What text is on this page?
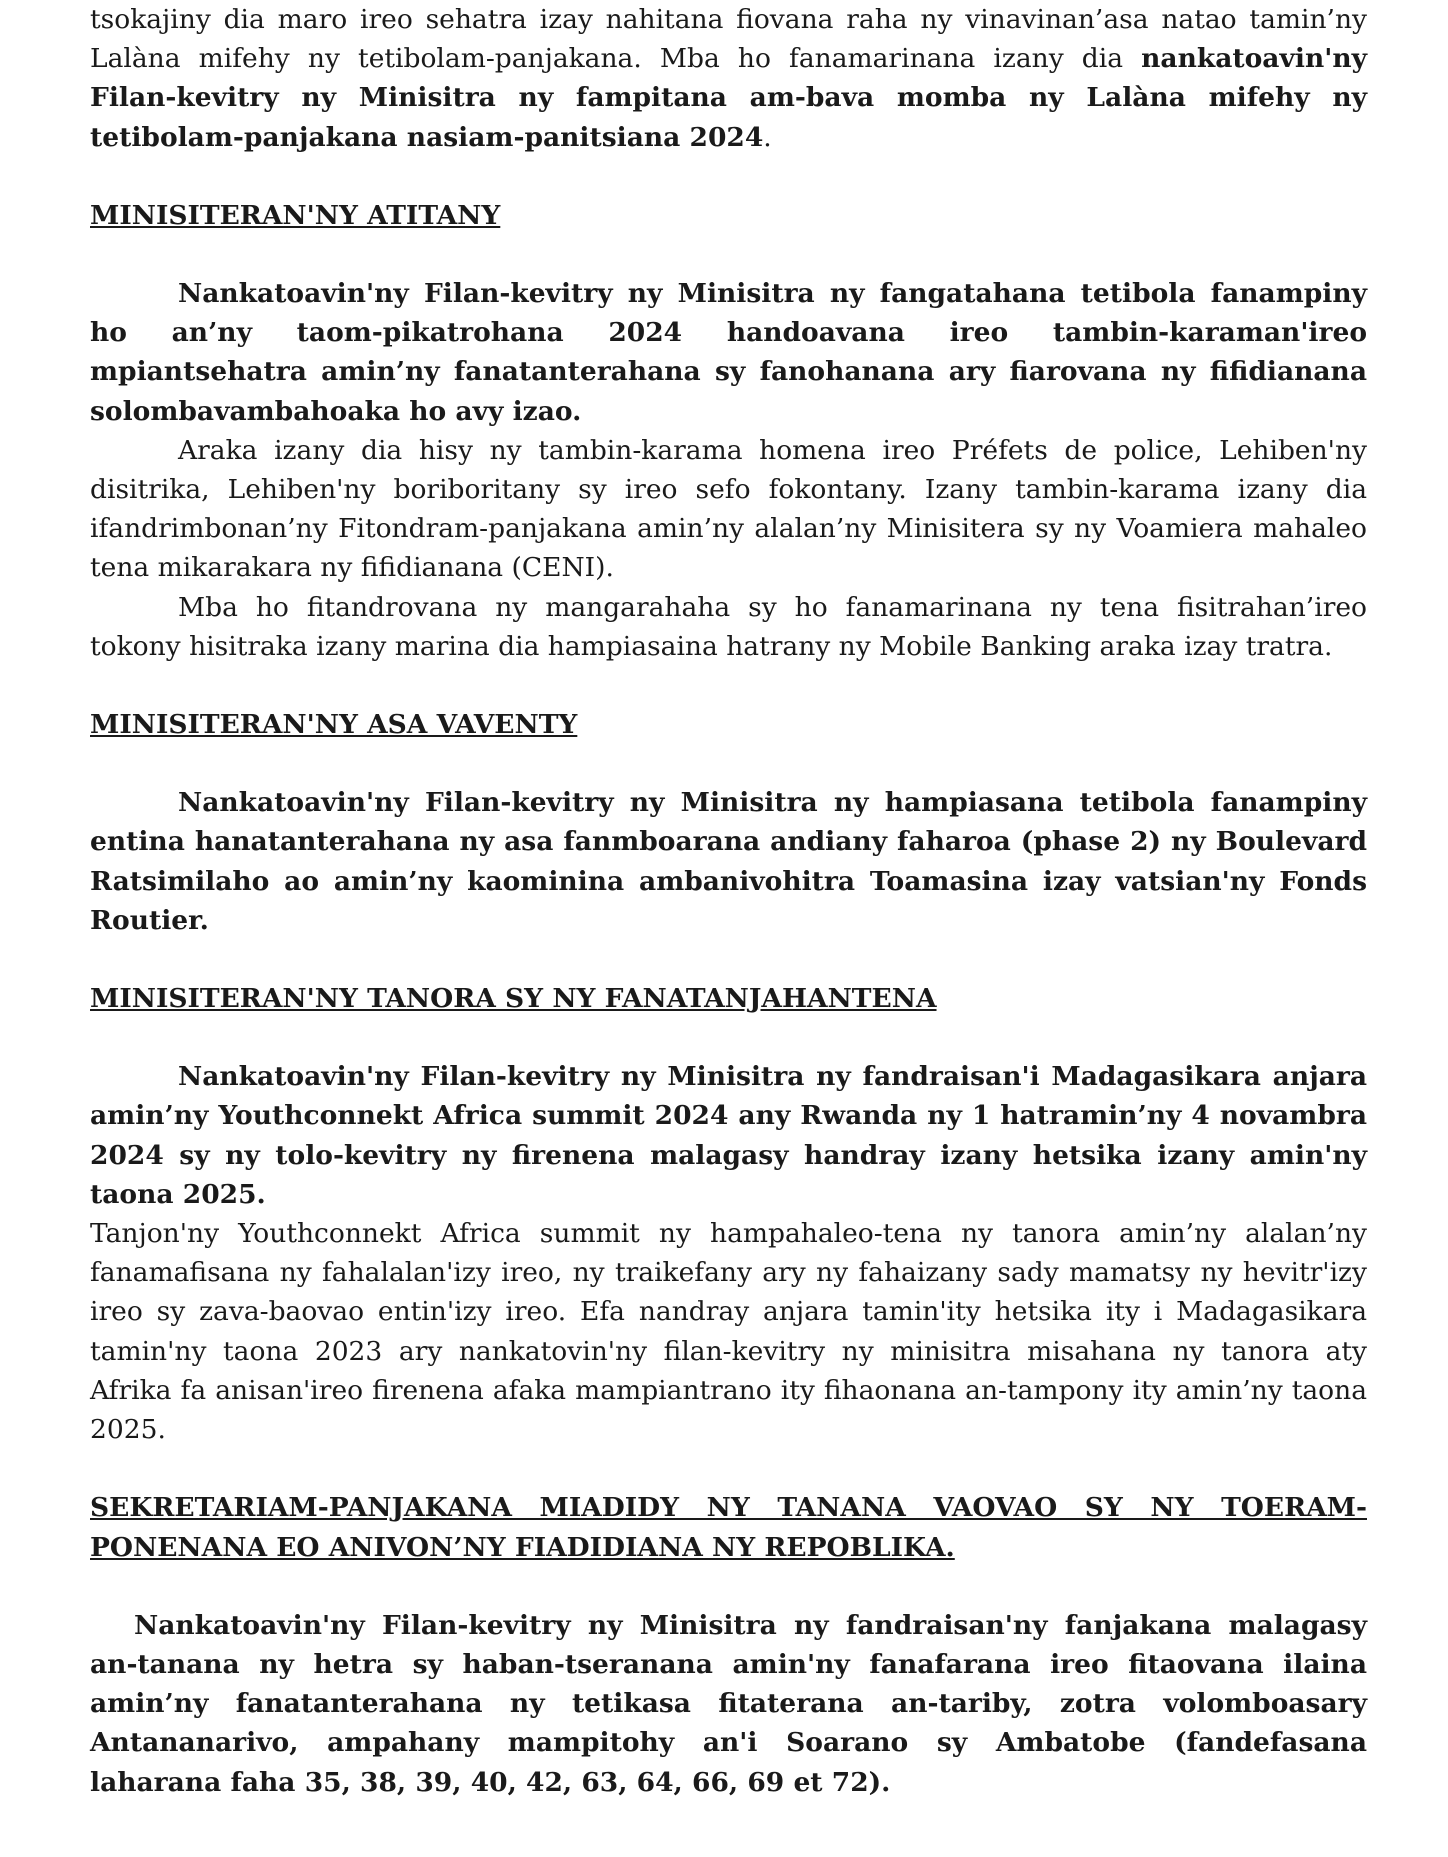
tsokajiny dia maro ireo sehatra izay nahitana fiovana raha ny vinavinan’asa natao tamin’ny Lalàna mifehy ny tetibolam-panjakana. Mba ho fanamarinana izany dia nankatoavin'ny Filan-kevitry ny Minisitra ny fampitana am-bava momba ny Lalàna mifehy ny tetibolam-panjakana nasiam-panitsiana 2024.

MINISITERAN'NY ATITANY

Nankatoavin'ny Filan-kevitry ny Minisitra ny fangatahana tetibola fanampiny ho an’ny taom-pikatrohana 2024 handoavana ireo tambin-karaman'ireo mpiantsehatra amin’ny fanatanterahana sy fanohanana ary fiarovana ny fifidianana solombavambahoaka ho avy izao.

Araka izany dia hisy ny tambin-karama homena ireo Préfets de police, Lehiben'ny disitrika, Lehiben'ny boriboritany sy ireo sefo fokontany. Izany tambin-karama izany dia ifandrimbonan’ny Fitondram-panjakana amin’ny alalan’ny Minisitera sy ny Voamiera mahaleo tena mikarakara ny fifidianana (CENI).

Mba ho fitandrovana ny mangarahaha sy ho fanamarinana ny tena fisitrahan’ireo tokony hisitraka izany marina dia hampiasaina hatrany ny Mobile Banking araka izay tratra.

MINISITERAN'NY ASA VAVENTY

Nankatoavin'ny Filan-kevitry ny Minisitra ny hampiasana tetibola fanampiny entina hanatanterahana ny asa fanmboarana andiany faharoa (phase 2) ny Boulevard Ratsimilaho ao amin’ny kaominina ambanivohitra Toamasina izay vatsian'ny Fonds Routier.

MINISITERAN'NY TANORA SY NY FANATANJAHANTENA

Nankatoavin'ny Filan-kevitry ny Minisitra ny fandraisan'i Madagasikara anjara amin’ny Youthconnekt Africa summit 2024 any Rwanda ny 1 hatramin’ny 4 novambra 2024 sy ny tolo-kevitry ny firenena malagasy handray izany hetsika izany amin'ny taona 2025.

Tanjon'ny Youthconnekt Africa summit ny hampahaleo-tena ny tanora amin’ny alalan’ny fanamafisana ny fahalalan'izy ireo, ny traikefany ary ny fahaizany sady mamatsy ny hevitr'izy ireo sy zava-baovao entin'izy ireo. Efa nandray anjara tamin'ity hetsika ity i Madagasikara tamin'ny taona 2023 ary nankatovin'ny filan-kevitry ny minisitra misahana ny tanora aty Afrika fa anisan'ireo firenena afaka mampiantrano ity fihaonana an-tampony ity amin’ny taona 2025.

SEKRETARIAM-PANJAKANA MIADIDY NY TANANA VAOVAO SY NY TOERAM-PONENANA EO ANIVON’NY FIADIDIANA NY REPOBLIKA.

Nankatoavin'ny Filan-kevitry ny Minisitra ny fandraisan'ny fanjakana malagasy an-tanana ny hetra sy haban-tseranana amin'ny fanafarana ireo fitaovana ilaina amin’ny fanatanterahana ny tetikasa fitaterana an-tariby, zotra volomboasary Antananarivo, ampahany mampitohy an'i Soarano sy Ambatobe (fandefasana laharana faha 35, 38, 39, 40, 42, 63, 64, 66, 69 et 72).
